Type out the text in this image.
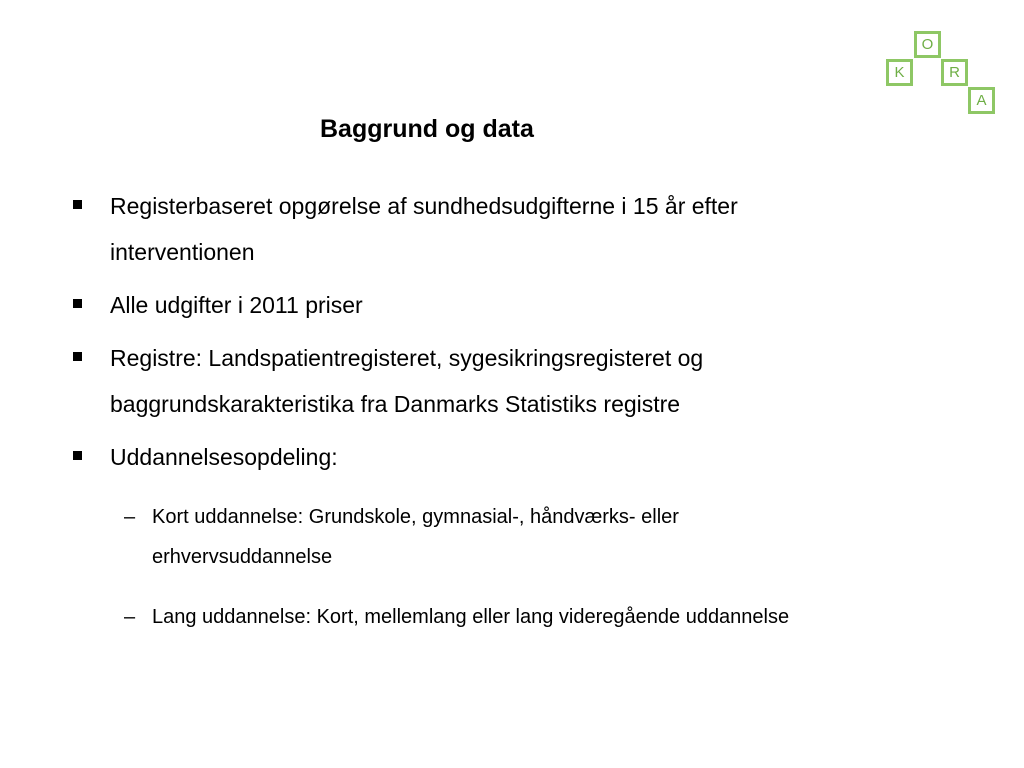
O
K	R
A
Baggrund og data
Registerbaseret opgørelse af sundhedsudgifterne i 15 år efter interventionen
Alle udgifter i 2011 priser
Registre: Landspatientregisteret, sygesikringsregisteret og baggrundskarakteristika fra Danmarks Statistiks registre
Uddannelsesopdeling:
– Kort uddannelse: Grundskole, gymnasial-, håndværks- eller erhvervsuddannelse
– Lang uddannelse: Kort, mellemlang eller lang videregående uddannelse
